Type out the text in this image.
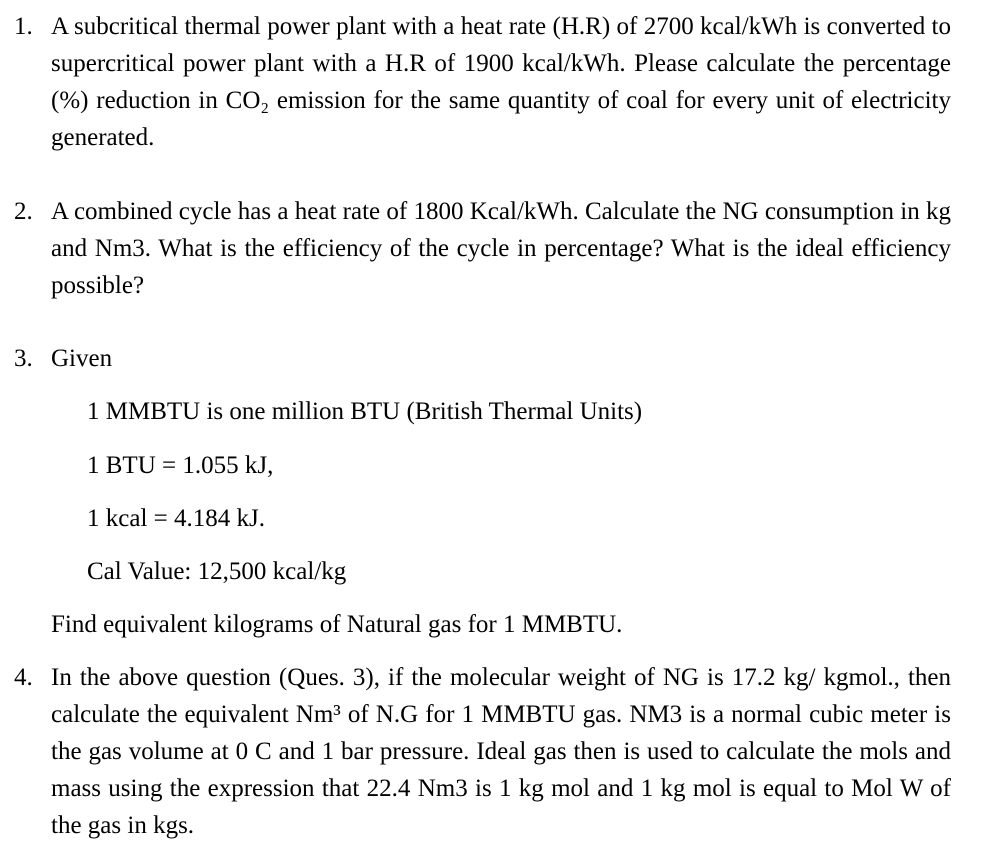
1. A subcritical thermal power plant with a heat rate (H.R) of 2700 kcal/kWh is converted to supercritical power plant with a H.R of 1900 kcal/kWh. Please calculate the percentage (%) reduction in CO₂ emission for the same quantity of coal for every unit of electricity generated.
2. A combined cycle has a heat rate of 1800 Kcal/kWh. Calculate the NG consumption in kg and Nm3. What is the efficiency of the cycle in percentage? What is the ideal efficiency possible?
3. Given
1 MMBTU is one million BTU (British Thermal Units)
1 BTU = 1.055 kJ,
1 kcal = 4.184 kJ.
Cal Value: 12,500 kcal/kg
Find equivalent kilograms of Natural gas for 1 MMBTU.
4. In the above question (Ques. 3), if the molecular weight of NG is 17.2 kg/ kgmol., then calculate the equivalent Nm³ of N.G for 1 MMBTU gas. NM3 is a normal cubic meter is the gas volume at 0 C and 1 bar pressure. Ideal gas then is used to calculate the mols and mass using the expression that 22.4 Nm3 is 1 kg mol and 1 kg mol is equal to Mol W of the gas in kgs.
